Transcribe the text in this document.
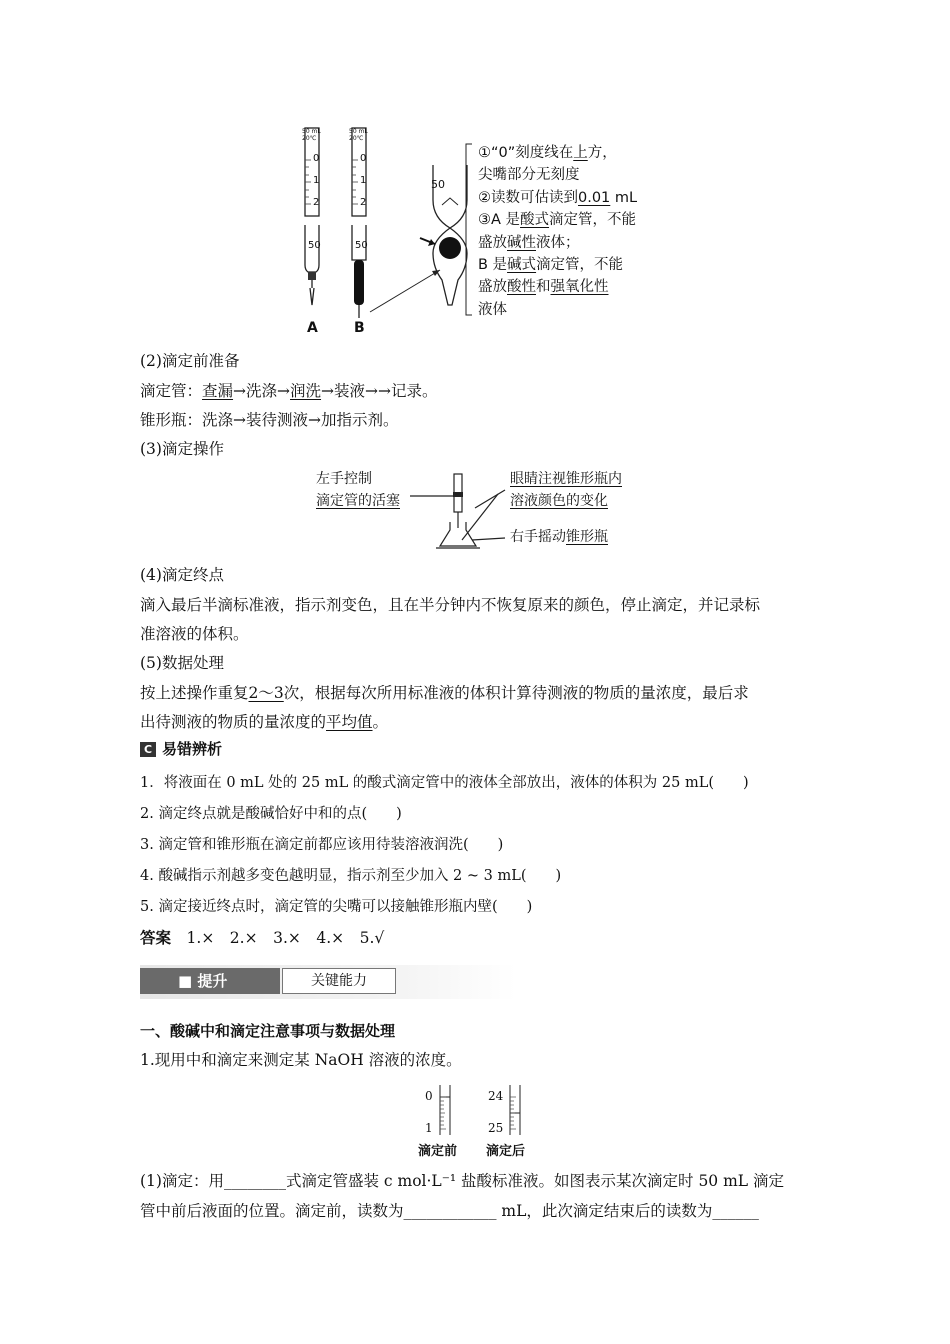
50 mL
20℃
50 mL
20℃
0
1
2
0
1
2
50	50
50
A	B
①“0”刻度线在上方，
尖嘴部分无刻度
②读数可估读到0.01 mL
③A 是酸式滴定管，不能
盛放碱性液体；
B 是碱式滴定管，不能
盛放酸性和强氧化性
液体
(2)滴定前准备
滴定管：查漏→洗涤→润洗→装液→→记录。
锥形瓶：洗涤→装待测液→加指示剂。
(3)滴定操作
左手控制
滴定管的活塞
眼睛注视锥形瓶内
溶液颜色的变化
右手摇动锥形瓶
(4)滴定终点
滴入最后半滴标准液，指示剂变色，且在半分钟内不恢复原来的颜色，停止滴定，并记录标
准溶液的体积。
(5)数据处理
按上述操作重复2～3次，根据每次所用标准液的体积计算待测液的物质的量浓度，最后求
出待测液的物质的量浓度的平均值。
C 易错辨析
1．将液面在 0 mL 处的 25 mL 的酸式滴定管中的液体全部放出，液体的体积为 25 mL(　　)
2. 滴定终点就是酸碱恰好中和的点(　　)
3. 滴定管和锥形瓶在滴定前都应该用待装溶液润洗(　　)
4. 酸碱指示剂越多变色越明显，指示剂至少加入 2 ~ 3 mL(　　)
5. 滴定接近终点时，滴定管的尖嘴可以接触锥形瓶内壁(　　)
答案　 1.×　2.×　3.×　4.×　5.√
■ 提升	关键能力
一、酸碱中和滴定注意事项与数据处理
1.现用中和滴定来测定某 NaOH 溶液的浓度。
0
1
24
25
滴定前 滴定后
(1)滴定：用________式滴定管盛装 c mol·L⁻¹ 盐酸标准液。如图表示某次滴定时 50 mL 滴定
管中前后液面的位置。滴定前，读数为____________ mL，此次滴定结束后的读数为______
